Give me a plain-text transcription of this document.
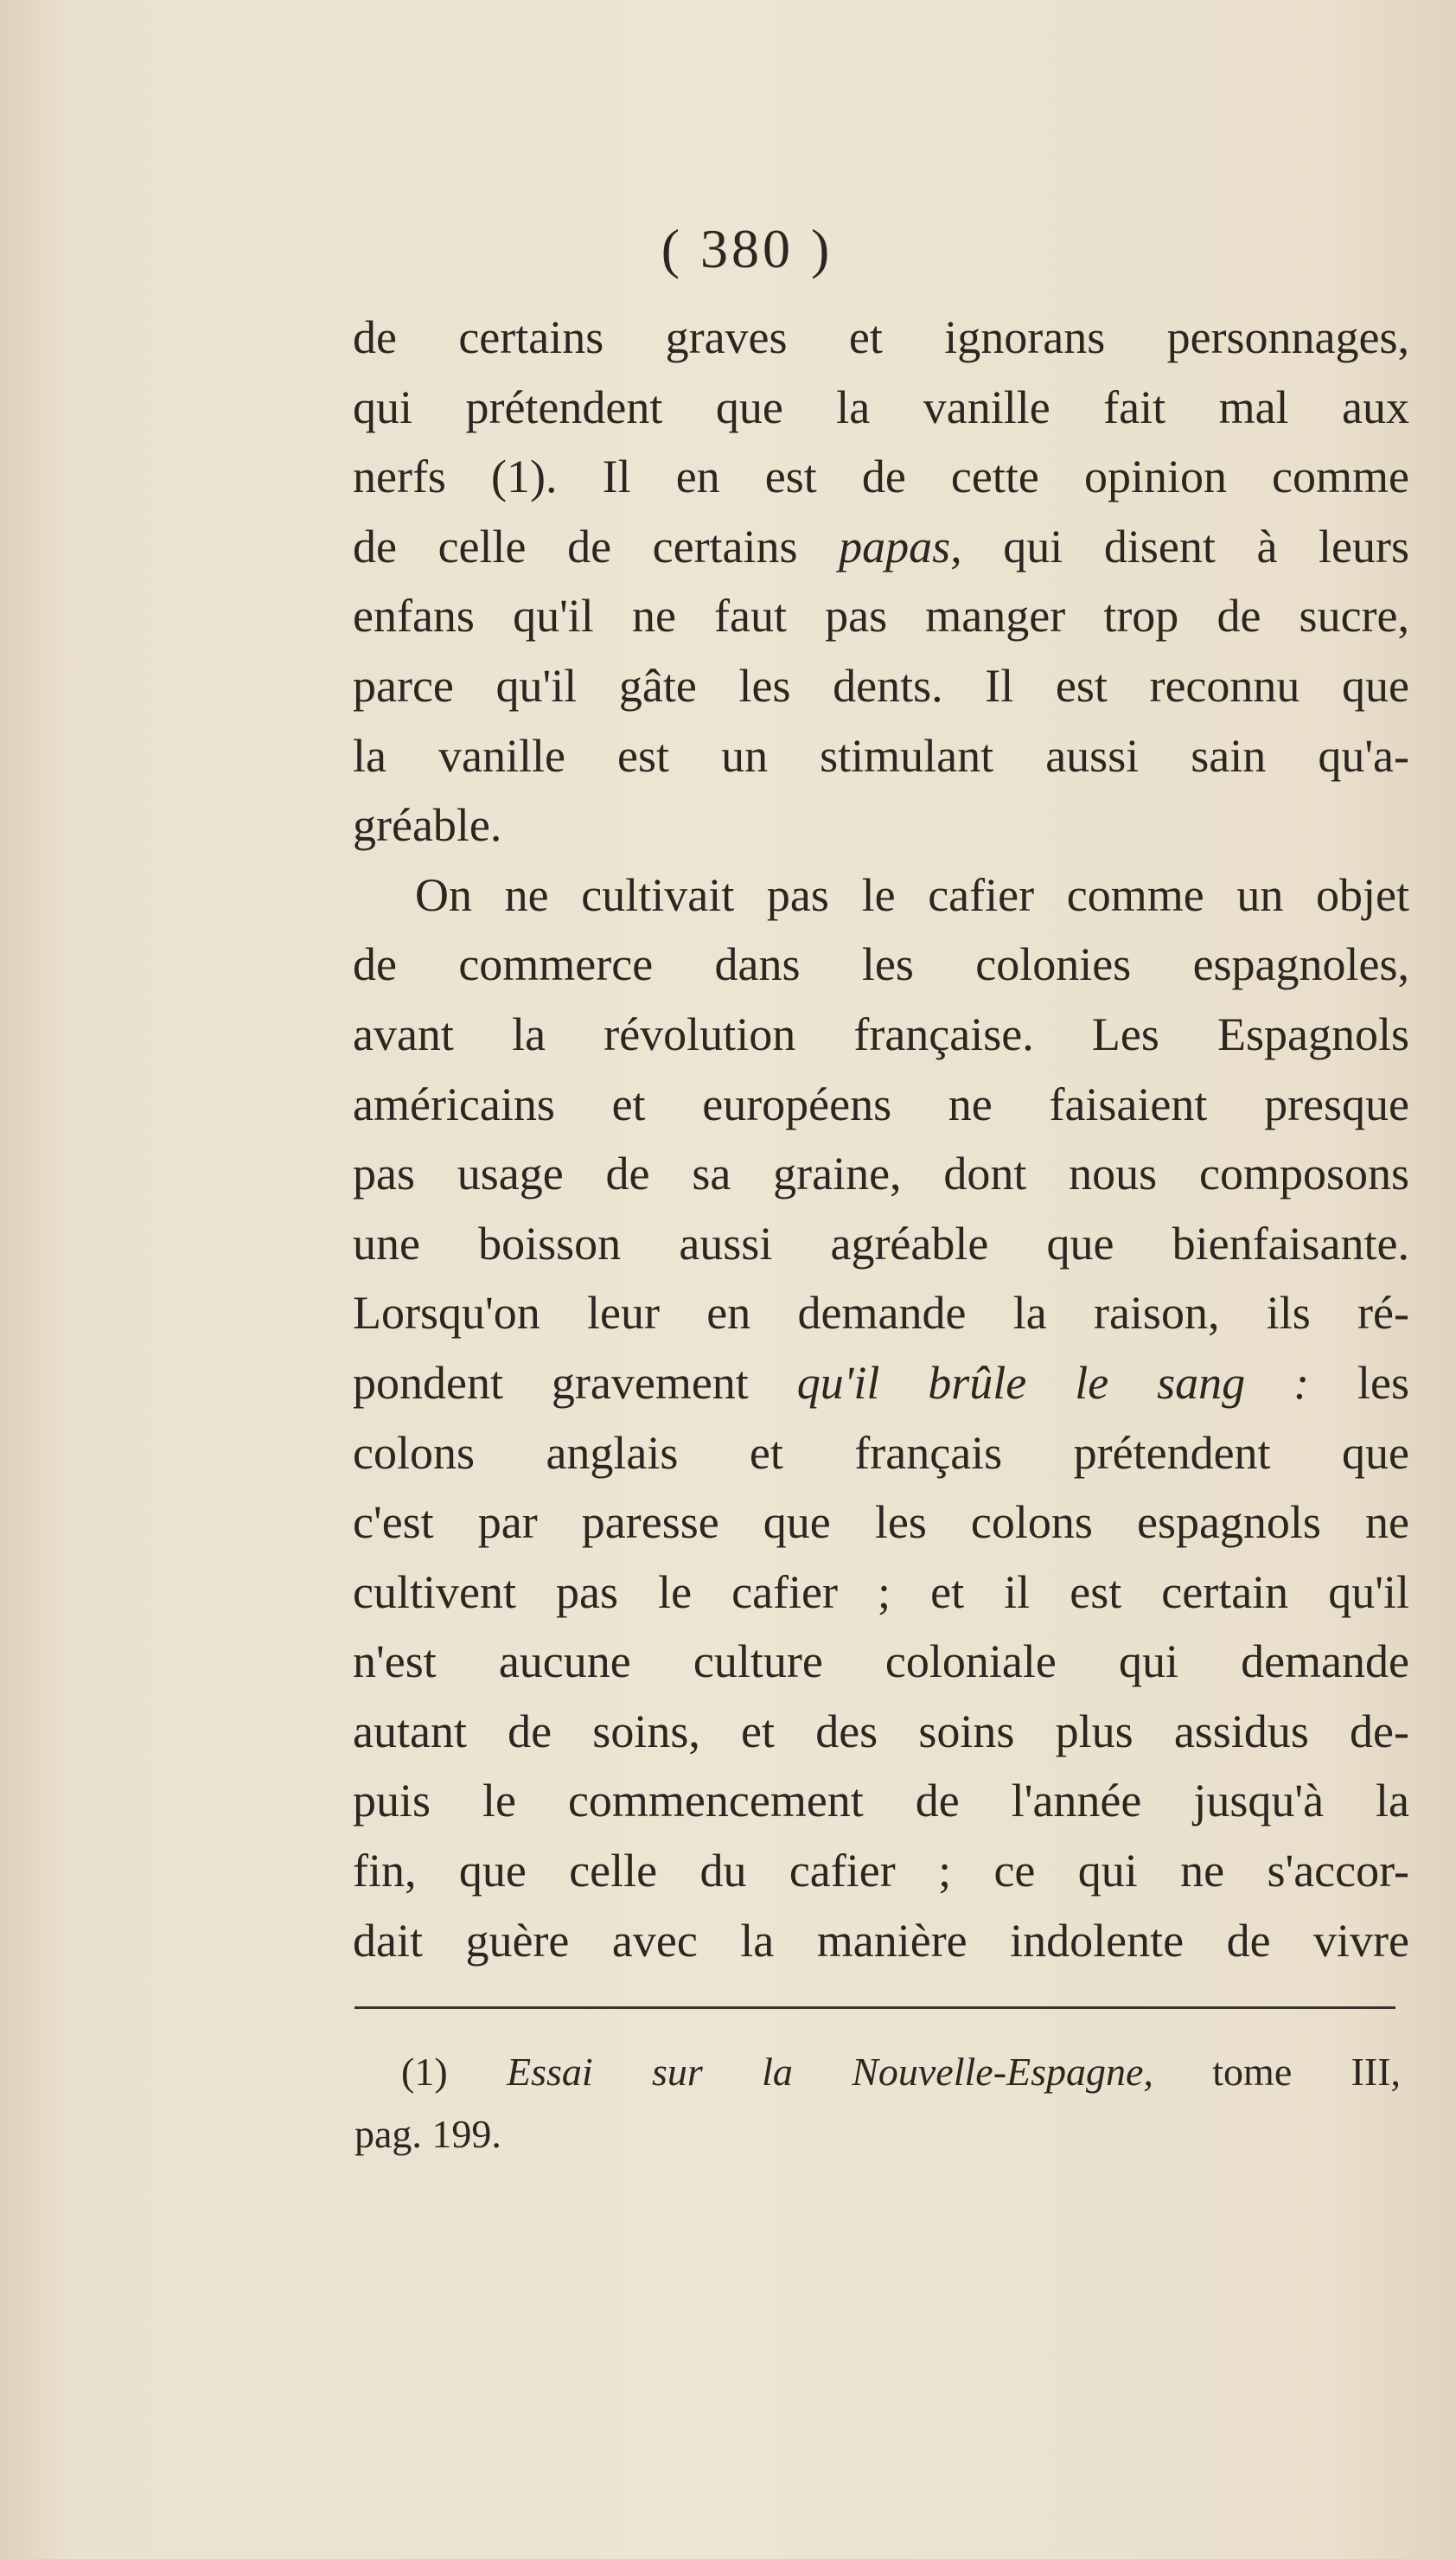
( 380 )
de certains graves et ignorans personnages,
qui prétendent que la vanille fait mal aux
nerfs (1). Il en est de cette opinion comme
de celle de certains papas, qui disent à leurs
enfans qu'il ne faut pas manger trop de sucre,
parce qu'il gâte les dents. Il est reconnu que
la vanille est un stimulant aussi sain qu'a-
gréable.
On ne cultivait pas le cafier comme un objet
de commerce dans les colonies espagnoles,
avant la révolution française. Les Espagnols
américains et européens ne faisaient presque
pas usage de sa graine, dont nous composons
une boisson aussi agréable que bienfaisante.
Lorsqu'on leur en demande la raison, ils ré-
pondent gravement qu'il brûle le sang : les
colons anglais et français prétendent que
c'est par paresse que les colons espagnols ne
cultivent pas le cafier ; et il est certain qu'il
n'est aucune culture coloniale qui demande
autant de soins, et des soins plus assidus de-
puis le commencement de l'année jusqu'à la
fin, que celle du cafier ; ce qui ne s'accor-
dait guère avec la manière indolente de vivre
(1) Essai sur la Nouvelle-Espagne, tome III,
pag. 199.
